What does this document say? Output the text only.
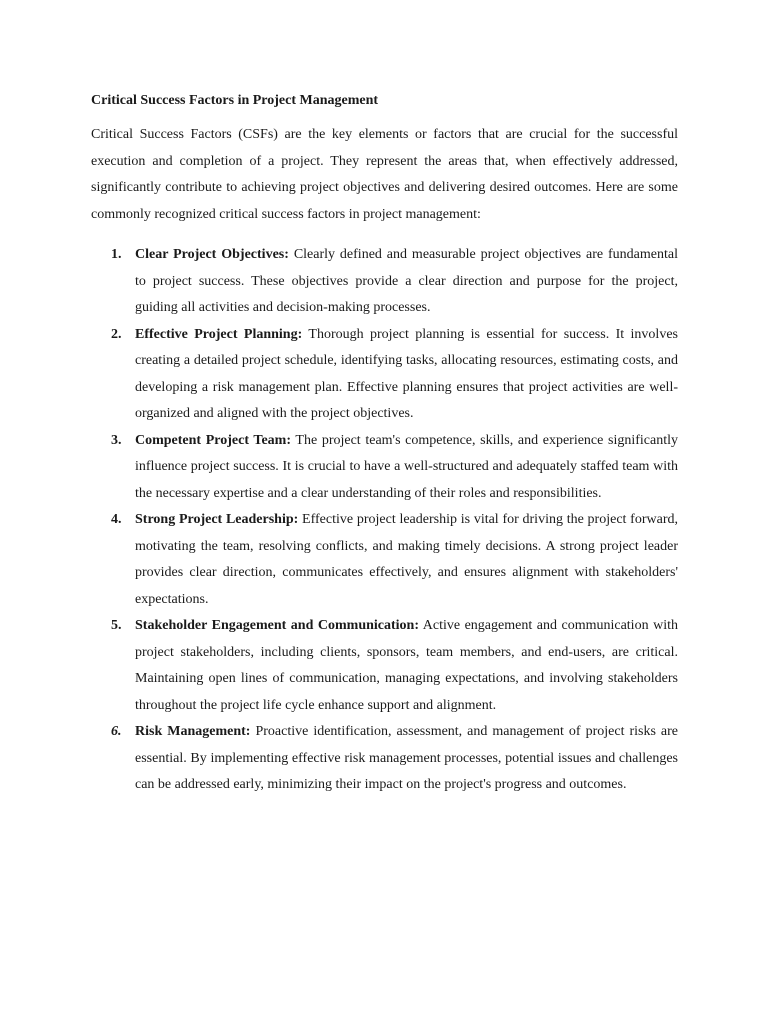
Critical Success Factors in Project Management

Critical Success Factors (CSFs) are the key elements or factors that are crucial for the successful execution and completion of a project. They represent the areas that, when effectively addressed, significantly contribute to achieving project objectives and delivering desired outcomes. Here are some commonly recognized critical success factors in project management:

1. Clear Project Objectives: Clearly defined and measurable project objectives are fundamental to project success. These objectives provide a clear direction and purpose for the project, guiding all activities and decision-making processes.
2. Effective Project Planning: Thorough project planning is essential for success. It involves creating a detailed project schedule, identifying tasks, allocating resources, estimating costs, and developing a risk management plan. Effective planning ensures that project activities are well-organized and aligned with the project objectives.
3. Competent Project Team: The project team's competence, skills, and experience significantly influence project success. It is crucial to have a well-structured and adequately staffed team with the necessary expertise and a clear understanding of their roles and responsibilities.
4. Strong Project Leadership: Effective project leadership is vital for driving the project forward, motivating the team, resolving conflicts, and making timely decisions. A strong project leader provides clear direction, communicates effectively, and ensures alignment with stakeholders' expectations.
5. Stakeholder Engagement and Communication: Active engagement and communication with project stakeholders, including clients, sponsors, team members, and end-users, are critical. Maintaining open lines of communication, managing expectations, and involving stakeholders throughout the project life cycle enhance support and alignment.
6. Risk Management: Proactive identification, assessment, and management of project risks are essential. By implementing effective risk management processes, potential issues and challenges can be addressed early, minimizing their impact on the project's progress and outcomes.
